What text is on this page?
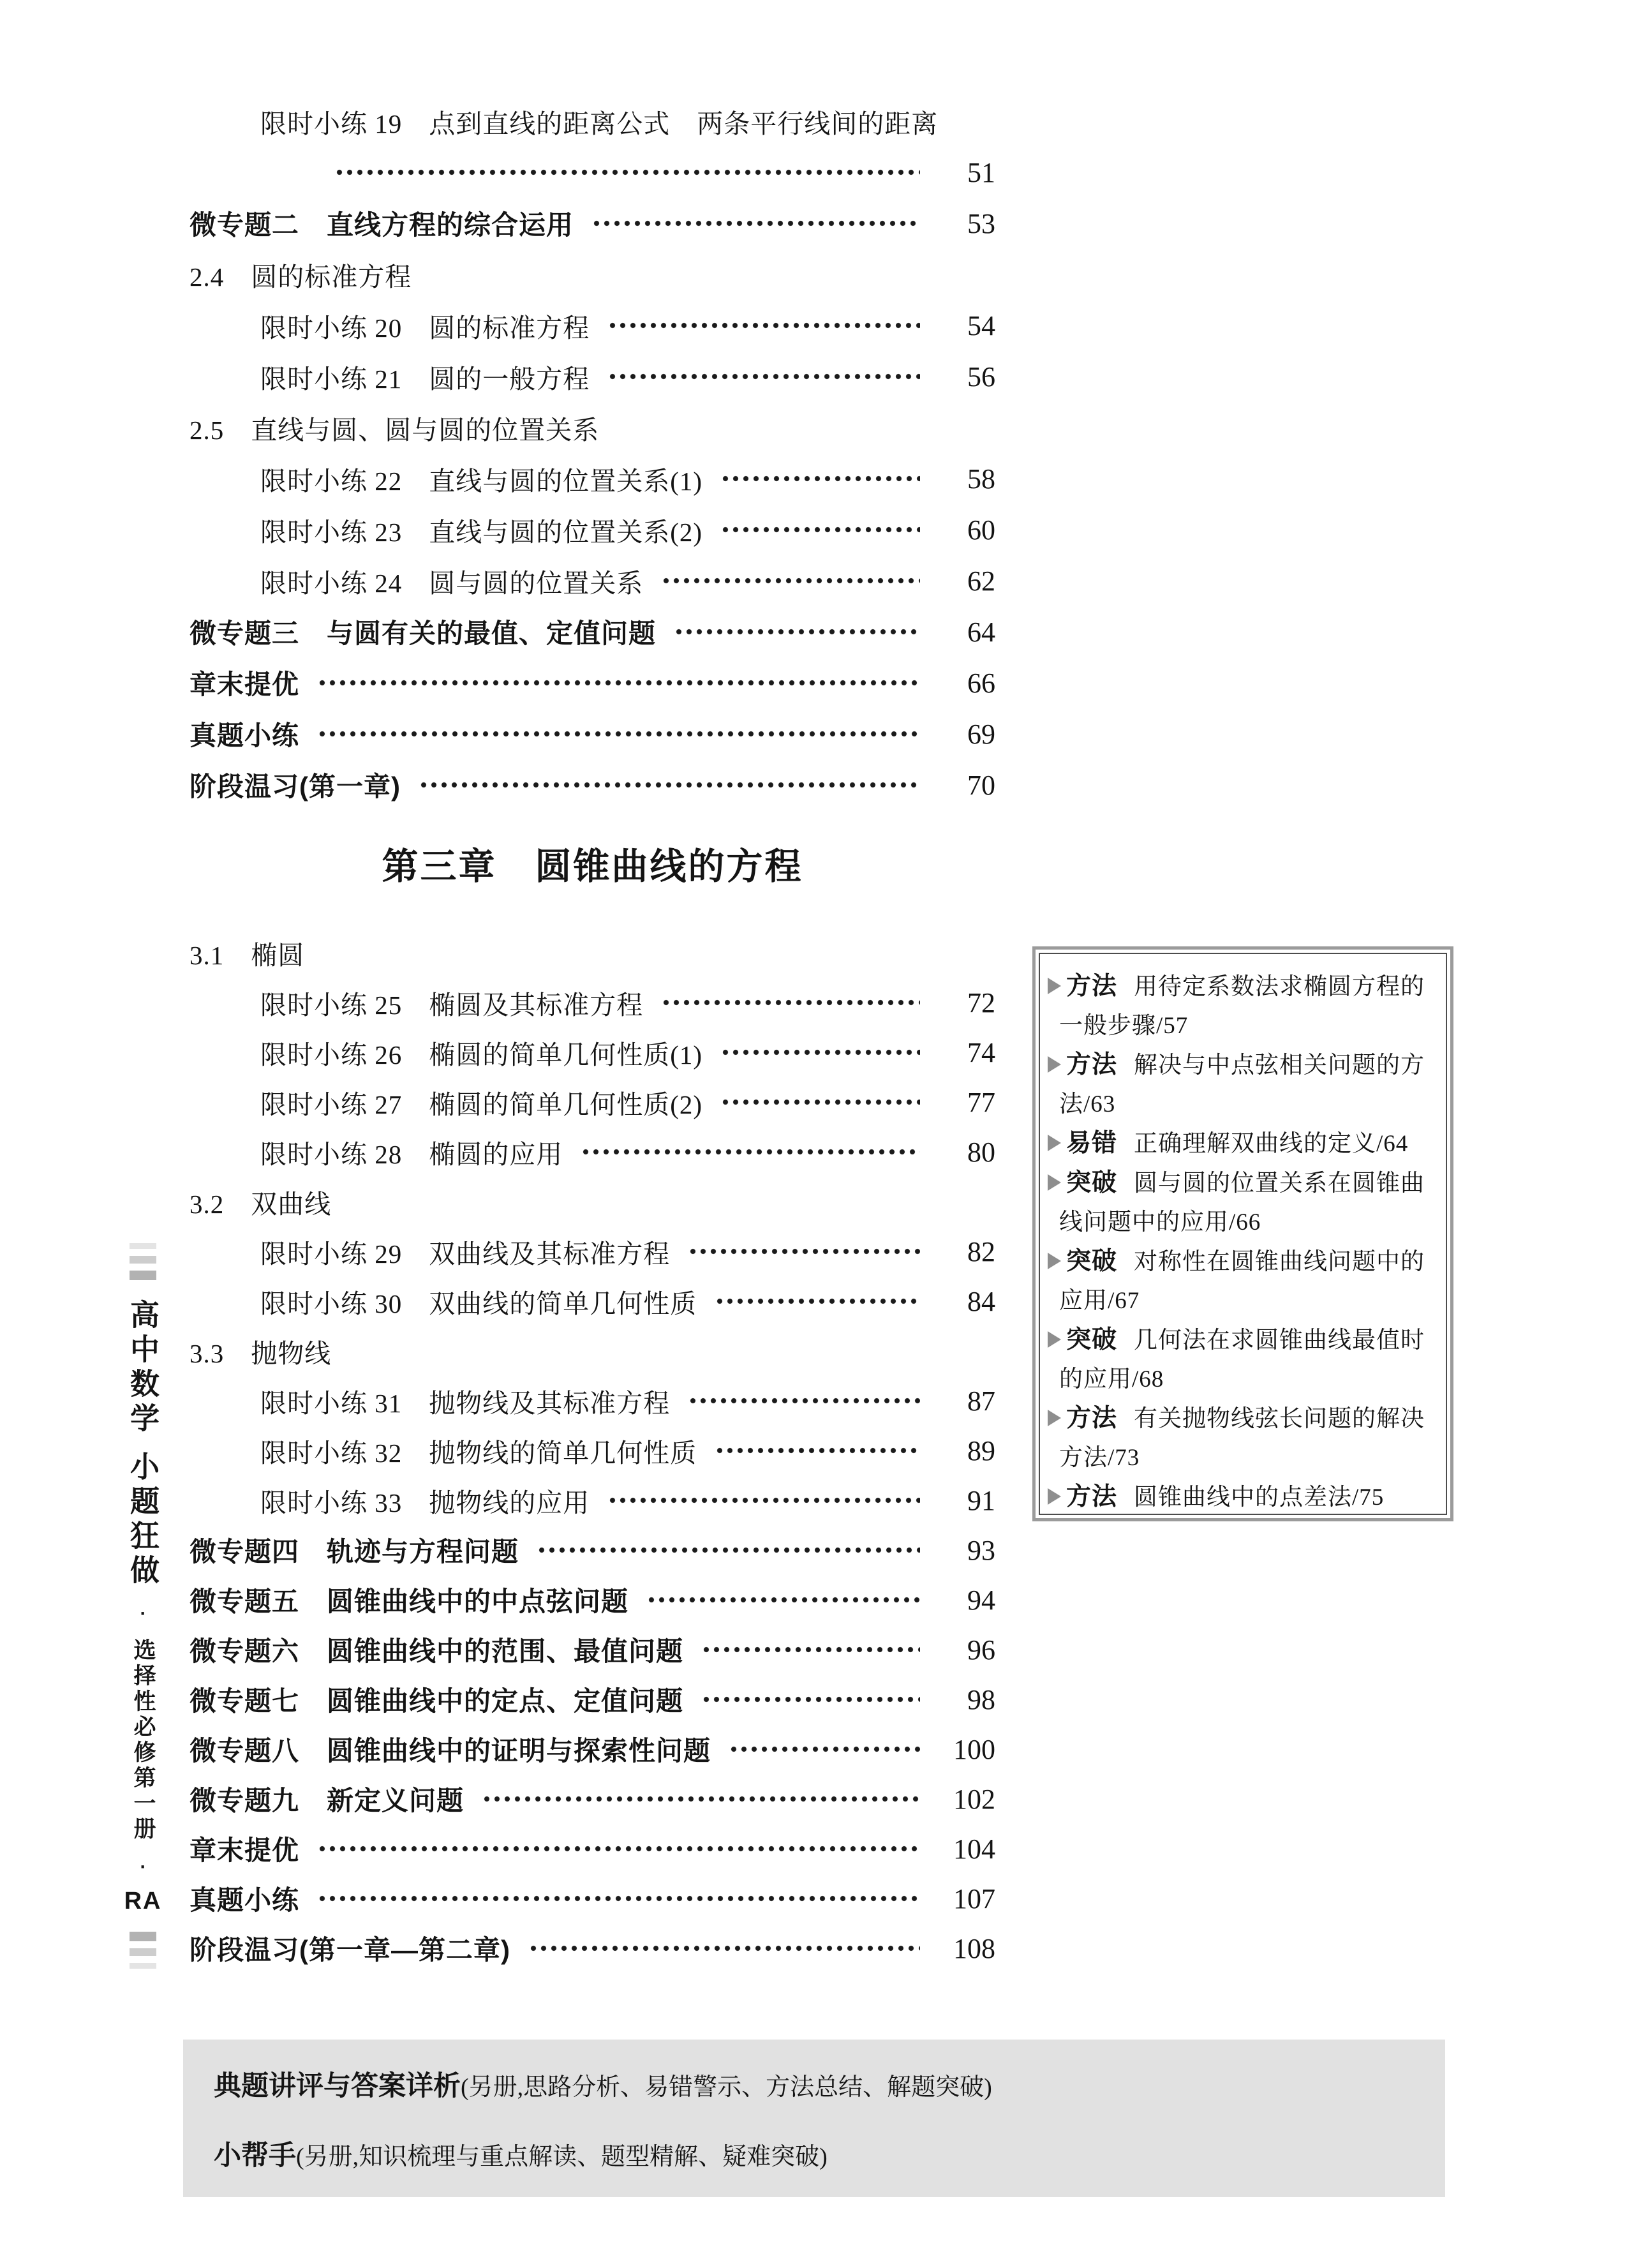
高中数学
小题狂做
·
选择性必修第一册
·
RA
限时小练 19　点到直线的距离公式　两条平行线间的距离
51
微专题二　直线方程的综合运用	53
2.4　圆的标准方程
限时小练 20　圆的标准方程	54
限时小练 21　圆的一般方程	56
2.5　直线与圆、圆与圆的位置关系
限时小练 22　直线与圆的位置关系(1)	58
限时小练 23　直线与圆的位置关系(2)	60
限时小练 24　圆与圆的位置关系	62
微专题三　与圆有关的最值、定值问题	64
章末提优	66
真题小练	69
阶段温习(第一章)	70
第三章　圆锥曲线的方程
3.1　椭圆
限时小练 25　椭圆及其标准方程	72
限时小练 26　椭圆的简单几何性质(1)	74
限时小练 27　椭圆的简单几何性质(2)	77
限时小练 28　椭圆的应用	80
3.2　双曲线
限时小练 29　双曲线及其标准方程	82
限时小练 30　双曲线的简单几何性质	84
3.3　抛物线
限时小练 31　抛物线及其标准方程	87
限时小练 32　抛物线的简单几何性质	89
限时小练 33　抛物线的应用	91
微专题四　轨迹与方程问题	93
微专题五　圆锥曲线中的中点弦问题	94
微专题六　圆锥曲线中的范围、最值问题	96
微专题七　圆锥曲线中的定点、定值问题	98
微专题八　圆锥曲线中的证明与探索性问题	100
微专题九　新定义问题	102
章末提优	104
真题小练	107
阶段温习(第一章—第二章)	108
方法 用待定系数法求椭圆方程的一般步骤/57
方法 解决与中点弦相关问题的方法/63
易错 正确理解双曲线的定义/64
突破 圆与圆的位置关系在圆锥曲线问题中的应用/66
突破 对称性在圆锥曲线问题中的应用/67
突破 几何法在求圆锥曲线最值时的应用/68
方法 有关抛物线弦长问题的解决方法/73
方法 圆锥曲线中的点差法/75
典题讲评与答案详析(另册,思路分析、易错警示、方法总结、解题突破)
小帮手(另册,知识梳理与重点解读、题型精解、疑难突破)
